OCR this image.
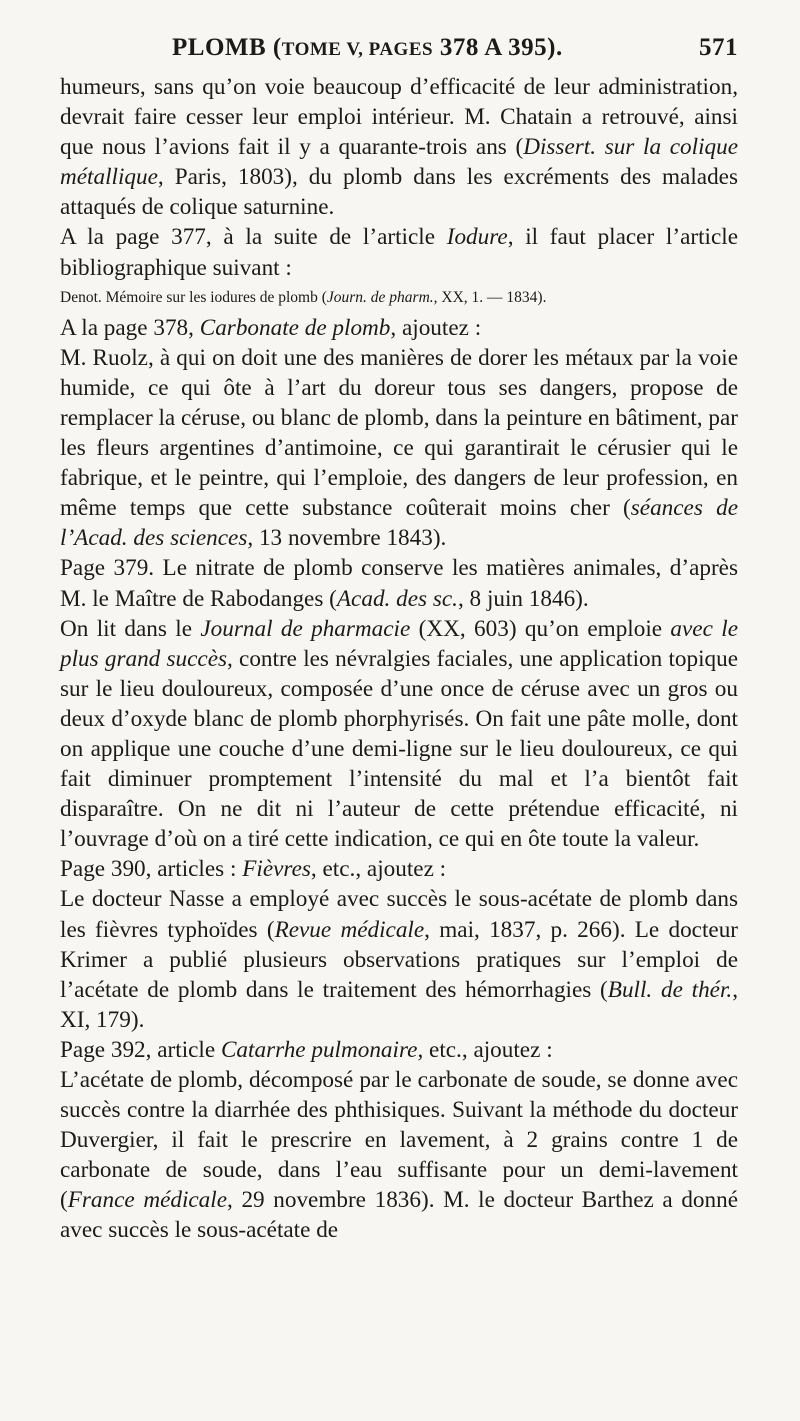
PLOMB (TOME V, PAGES 378 A 395).	571

humeurs, sans qu’on voie beaucoup d’efficacité de leur administration, devrait faire cesser leur emploi intérieur. M. Chatain a retrouvé, ainsi que nous l’avions fait il y a quarante-trois ans (Dissert. sur la colique métallique, Paris, 1803), du plomb dans les excréments des malades attaqués de colique saturnine.

A la page 377, à la suite de l’article Iodure, il faut placer l’article bibliographique suivant :

Denot. Mémoire sur les iodures de plomb (Journ. de pharm., XX, 1. — 1834).

A la page 378, Carbonate de plomb, ajoutez :

M. Ruolz, à qui on doit une des manières de dorer les métaux par la voie humide, ce qui ôte à l’art du doreur tous ses dangers, propose de remplacer la céruse, ou blanc de plomb, dans la peinture en bâtiment, par les fleurs argentines d’antimoine, ce qui garantirait le cérusier qui le fabrique, et le peintre, qui l’emploie, des dangers de leur profession, en même temps que cette substance coûterait moins cher (séances de l’Acad. des sciences, 13 novembre 1843).

Page 379. Le nitrate de plomb conserve les matières animales, d’après M. le Maître de Rabodanges (Acad. des sc., 8 juin 1846).

On lit dans le Journal de pharmacie (XX, 603) qu’on emploie avec le plus grand succès, contre les névralgies faciales, une application topique sur le lieu douloureux, composée d’une once de céruse avec un gros ou deux d’oxyde blanc de plomb phorphyrisés. On fait une pâte molle, dont on applique une couche d’une demi-ligne sur le lieu douloureux, ce qui fait diminuer promptement l’intensité du mal et l’a bientôt fait disparaître. On ne dit ni l’auteur de cette prétendue efficacité, ni l’ouvrage d’où on a tiré cette indication, ce qui en ôte toute la valeur.

Page 390, articles : Fièvres, etc., ajoutez :

Le docteur Nasse a employé avec succès le sous-acétate de plomb dans les fièvres typhoïdes (Revue médicale, mai, 1837, p. 266). Le docteur Krimer a publié plusieurs observations pratiques sur l’emploi de l’acétate de plomb dans le traitement des hémorrhagies (Bull. de thér., XI, 179).

Page 392, article Catarrhe pulmonaire, etc., ajoutez :

L’acétate de plomb, décomposé par le carbonate de soude, se donne avec succès contre la diarrhée des phthisiques. Suivant la méthode du docteur Duvergier, il fait le prescrire en lavement, à 2 grains contre 1 de carbonate de soude, dans l’eau suffisante pour un demi-lavement (France médicale, 29 novembre 1836). M. le docteur Barthez a donné avec succès le sous-acétate de
